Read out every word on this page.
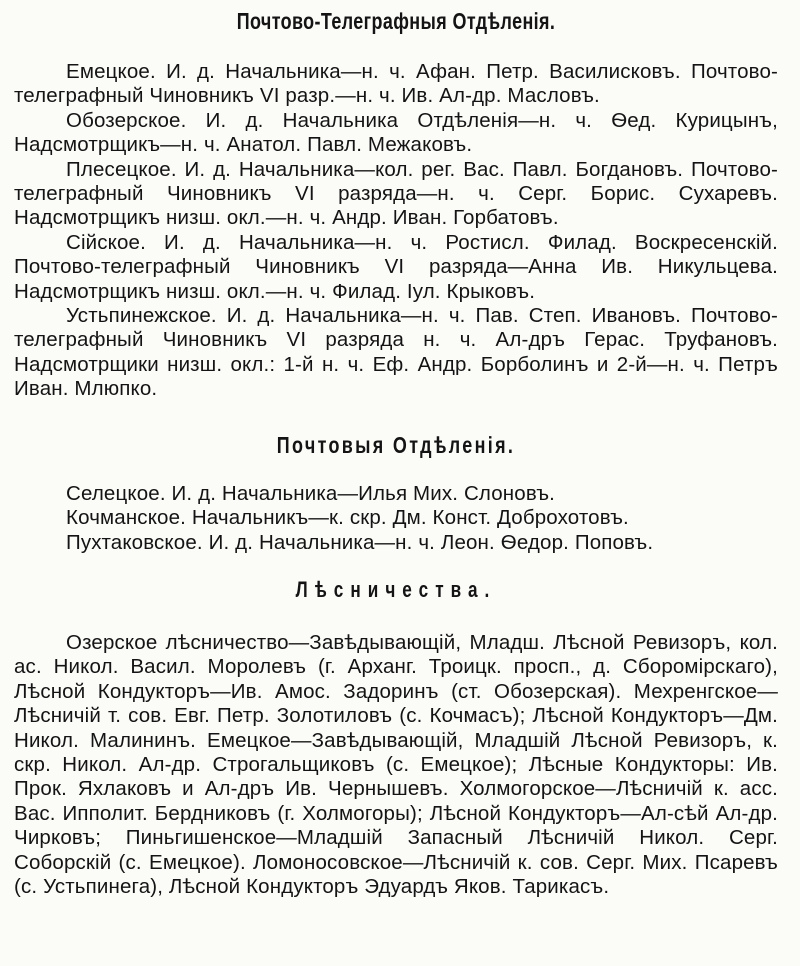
Почтово-Телеграфныя Отдѣленія.

Емецкое. И. д. Начальника—н. ч. Афан. Петр. Василисковъ. Почтово-телеграфный Чиновникъ VI разр.—н. ч. Ив. Ал-др. Масловъ.

Обозерское. И. д. Начальника Отдѣленія—н. ч. Ѳед. Курицынъ, Надсмотрщикъ—н. ч. Анатол. Павл. Межаковъ.

Плесецкое. И. д. Начальника—кол. рег. Вас. Павл. Богдановъ. Почтово-телеграфный Чиновникъ VI разряда—н. ч. Серг. Борис. Сухаревъ. Надсмотрщикъ низш. окл.—н. ч. Андр. Иван. Горбатовъ.

Сійское. И. д. Начальника—н. ч. Ростисл. Филад. Воскресенскій. Почтово-телеграфный Чиновникъ VI разряда—Анна Ив. Никульцева. Надсмотрщикъ низш. окл.—н. ч. Филад. Іул. Крыковъ.

Устьпинежское. И. д. Начальника—н. ч. Пав. Степ. Ивановъ. Почтово-телеграфный Чиновникъ VI разряда н. ч. Ал-дръ Герас. Труфановъ. Надсмотрщики низш. окл.: 1-й н. ч. Еф. Андр. Борболинъ и 2-й—н. ч. Петръ Иван. Млюпко.

Почтовыя Отдѣленія.

Селецкое. И. д. Начальника—Илья Мих. Слоновъ.

Кочманское. Начальникъ—к. скр. Дм. Конст. Доброхотовъ.

Пухтаковское. И. д. Начальника—н. ч. Леон. Ѳедор. Поповъ.

Лѣсничества.

Озерское лѣсничество—Завѣдывающій, Младш. Лѣсной Ревизоръ, кол. ас. Никол. Васил. Моролевъ (г. Арханг. Троицк. просп., д. Сборомірскаго), Лѣсной Кондукторъ—Ив. Амос. Задоринъ (ст. Обозерская). Мехренгское—Лѣсничій т. сов. Евг. Петр. Золотиловъ (с. Кочмасъ); Лѣсной Кондукторъ—Дм. Никол. Малининъ. Емецкое—Завѣдывающій, Младшій Лѣсной Ревизоръ, к. скр. Никол. Ал-др. Строгальщиковъ (с. Емецкое); Лѣсные Кондукторы: Ив. Прок. Яхлаковъ и Ал-дръ Ив. Чернышевъ. Холмогорское—Лѣсничій к. асс. Вас. Ипполит. Бердниковъ (г. Холмогоры); Лѣсной Кондукторъ—Ал-сѣй Ал-др. Чирковъ; Пиньгишенское—Младшій Запасный Лѣсничій Никол. Серг. Соборскій (с. Емецкое). Ломоносовское—Лѣсничій к. сов. Серг. Мих. Псаревъ (с. Устьпинега), Лѣсной Кондукторъ Эдуардъ Яков. Тарикасъ.
